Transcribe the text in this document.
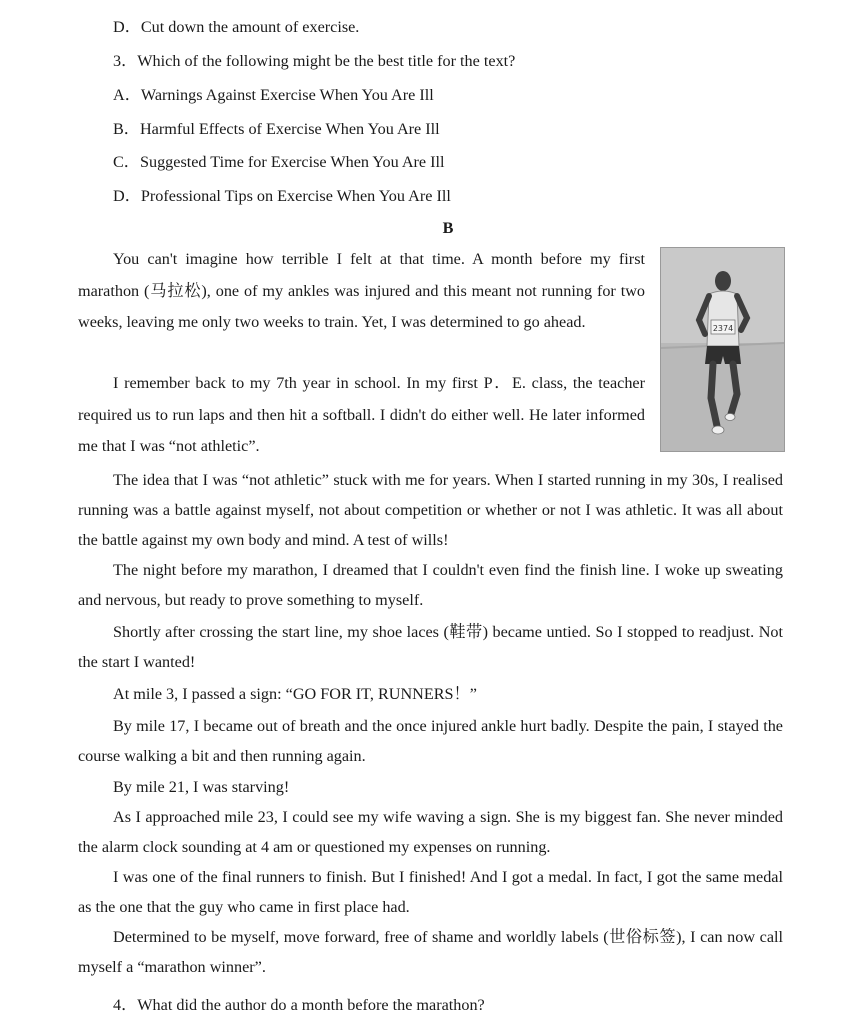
D．Cut down the amount of exercise.
3．Which of the following might be the best title for the text?
A．Warnings Against Exercise When You Are Ill
B．Harmful Effects of Exercise When You Are Ill
C．Suggested Time for Exercise When You Are Ill
D．Professional Tips on Exercise When You Are Ill
B
2374
You can't imagine how terrible I felt at that time. A month before my first marathon (马拉松), one of my ankles was injured and this meant not running for two weeks, leaving me only two weeks to train. Yet, I was determined to go ahead.
I remember back to my 7th year in school. In my first P．E. class, the teacher required us to run laps and then hit a softball. I didn't do either well. He later informed me that I was “not athletic”.
The idea that I was “not athletic” stuck with me for years. When I started running in my 30s, I realised running was a battle against myself, not about competition or whether or not I was athletic. It was all about the battle against my own body and mind. A test of wills!
The night before my marathon, I dreamed that I couldn't even find the finish line. I woke up sweating and nervous, but ready to prove something to myself.
Shortly after crossing the start line, my shoe laces (鞋带) became untied. So I stopped to readjust. Not the start I wanted!
At mile 3, I passed a sign: “GO FOR IT, RUNNERS！”
By mile 17, I became out of breath and the once injured ankle hurt badly. Despite the pain, I stayed the course walking a bit and then running again.
By mile 21, I was starving!
As I approached mile 23, I could see my wife waving a sign. She is my biggest fan. She never minded the alarm clock sounding at 4 am or questioned my expenses on running.
I was one of the final runners to finish. But I finished! And I got a medal. In fact, I got the same medal as the one that the guy who came in first place had.
Determined to be myself, move forward, free of shame and worldly labels (世俗标签), I can now call myself a “marathon winner”.
4．What did the author do a month before the marathon?
